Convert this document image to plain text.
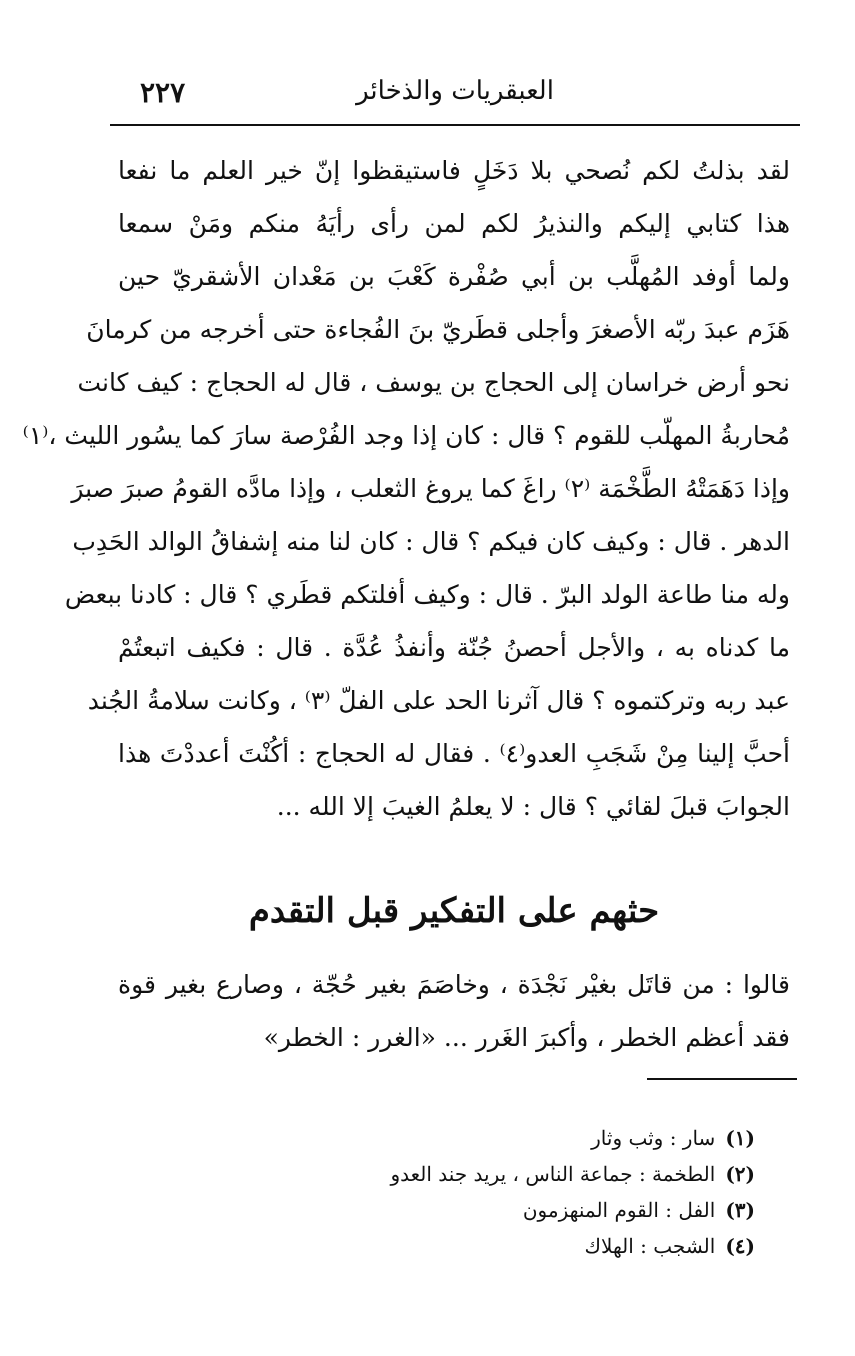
العبقريات والذخائر
٢٢٧
لقد بذلتُ لكم نُصحي بلا دَخَلٍ فاستيقظوا إنّ خير العلم ما نفعا
هذا كتابي إليكم والنذيرُ لكم لمن رأى رأيَهُ منكم ومَنْ سمعا
ولما أوفد المُهلَّب بن أبي صُفْرة كَعْبَ بن مَعْدان الأشقريّ حين
هَزَم عبدَ ربّه الأصغرَ وأجلى قطَريّ بنَ الفُجاءة حتى أخرجه من كرمانَ
نحو أرض خراسان إلى الحجاج بن يوسف ، قال له الحجاج : كيف كانت
مُحاربةُ المهلّب للقوم ؟ قال : كان إذا وجد الفُرْصة سارَ كما يسُور الليث ،⁽١⁾
وإذا دَهَمَتْهُ الطَّخْمَة ⁽٢⁾ راغَ كما يروغ الثعلب ، وإذا مادَّه القومُ صبرَ صبرَ
الدهر . قال : وكيف كان فيكم ؟ قال : كان لنا منه إشفاقُ الوالد الحَدِب
وله منا طاعة الولد البرّ . قال : وكيف أفلتكم قطَري ؟ قال : كادنا ببعض
ما كدناه به ، والأجل أحصنُ جُنّة وأنفذُ عُدَّة . قال : فكيف اتبعتُمْ
عبد ربه وتركتموه ؟ قال آثرنا الحد على الفلّ ⁽٣⁾ ، وكانت سلامةُ الجُند
أحبَّ إلينا مِنْ شَجَبِ العدو⁽٤⁾ . فقال له الحجاج : أكُنْتَ أعددْتَ هذا
الجوابَ قبلَ لقائي ؟ قال : لا يعلمُ الغيبَ إلا الله ...
حثهم على التفكير قبل التقدم
قالوا : من قاتَل بغيْر نَجْدَة ، وخاصَمَ بغير حُجّة ، وصارع بغير قوة
فقد أعظم الخطر ، وأكبرَ الغَرر ... «الغرر : الخطر»
(١)سار : وثب وثار
(٢)الطخمة : جماعة الناس ، يريد جند العدو
(٣)الفل : القوم المنهزمون
(٤)الشجب : الهلاك
